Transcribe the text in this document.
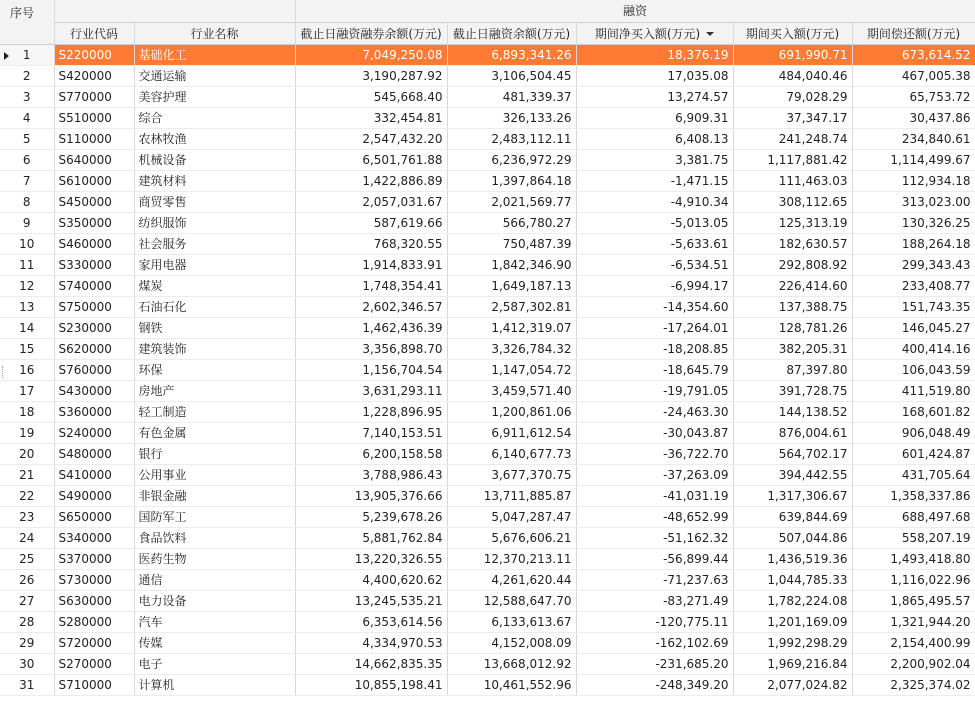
序号			融资				
	行业代码	行业名称	截止日融资融券余额(万元)	截止日融资余额(万元)	期间净买入额(万元)	期间买入额(万元)	期间偿还额(万元)

1	S220000	基础化工	7,049,250.08	6,893,341.26	18,376.19	691,990.71	673,614.52
2	S420000	交通运输	3,190,287.92	3,106,504.45	17,035.08	484,040.46	467,005.38
3	S770000	美容护理	545,668.40	481,339.37	13,274.57	79,028.29	65,753.72
4	S510000	综合	332,454.81	326,133.26	6,909.31	37,347.17	30,437.86
5	S110000	农林牧渔	2,547,432.20	2,483,112.11	6,408.13	241,248.74	234,840.61
6	S640000	机械设备	6,501,761.88	6,236,972.29	3,381.75	1,117,881.42	1,114,499.67
7	S610000	建筑材料	1,422,886.89	1,397,864.18	-1,471.15	111,463.03	112,934.18
8	S450000	商贸零售	2,057,031.67	2,021,569.77	-4,910.34	308,112.65	313,023.00
9	S350000	纺织服饰	587,619.66	566,780.27	-5,013.05	125,313.19	130,326.25
10	S460000	社会服务	768,320.55	750,487.39	-5,633.61	182,630.57	188,264.18
11	S330000	家用电器	1,914,833.91	1,842,346.90	-6,534.51	292,808.92	299,343.43
12	S740000	煤炭	1,748,354.41	1,649,187.13	-6,994.17	226,414.60	233,408.77
13	S750000	石油石化	2,602,346.57	2,587,302.81	-14,354.60	137,388.75	151,743.35
14	S230000	钢铁	1,462,436.39	1,412,319.07	-17,264.01	128,781.26	146,045.27
15	S620000	建筑装饰	3,356,898.70	3,326,784.32	-18,208.85	382,205.31	400,414.16
16	S760000	环保	1,156,704.54	1,147,054.72	-18,645.79	87,397.80	106,043.59
17	S430000	房地产	3,631,293.11	3,459,571.40	-19,791.05	391,728.75	411,519.80
18	S360000	轻工制造	1,228,896.95	1,200,861.06	-24,463.30	144,138.52	168,601.82
19	S240000	有色金属	7,140,153.51	6,911,612.54	-30,043.87	876,004.61	906,048.49
20	S480000	银行	6,200,158.58	6,140,677.73	-36,722.70	564,702.17	601,424.87
21	S410000	公用事业	3,788,986.43	3,677,370.75	-37,263.09	394,442.55	431,705.64
22	S490000	非银金融	13,905,376.66	13,711,885.87	-41,031.19	1,317,306.67	1,358,337.86
23	S650000	国防军工	5,239,678.26	5,047,287.47	-48,652.99	639,844.69	688,497.68
24	S340000	食品饮料	5,881,762.84	5,676,606.21	-51,162.32	507,044.86	558,207.19
25	S370000	医药生物	13,220,326.55	12,370,213.11	-56,899.44	1,436,519.36	1,493,418.80
26	S730000	通信	4,400,620.62	4,261,620.44	-71,237.63	1,044,785.33	1,116,022.96
27	S630000	电力设备	13,245,535.21	12,588,647.70	-83,271.49	1,782,224.08	1,865,495.57
28	S280000	汽车	6,353,614.56	6,133,613.67	-120,775.11	1,201,169.09	1,321,944.20
29	S720000	传媒	4,334,970.53	4,152,008.09	-162,102.69	1,992,298.29	2,154,400.99
30	S270000	电子	14,662,835.35	13,668,012.92	-231,685.20	1,969,216.84	2,200,902.04
31	S710000	计算机	10,855,198.41	10,461,552.96	-248,349.20	2,077,024.82	2,325,374.02
